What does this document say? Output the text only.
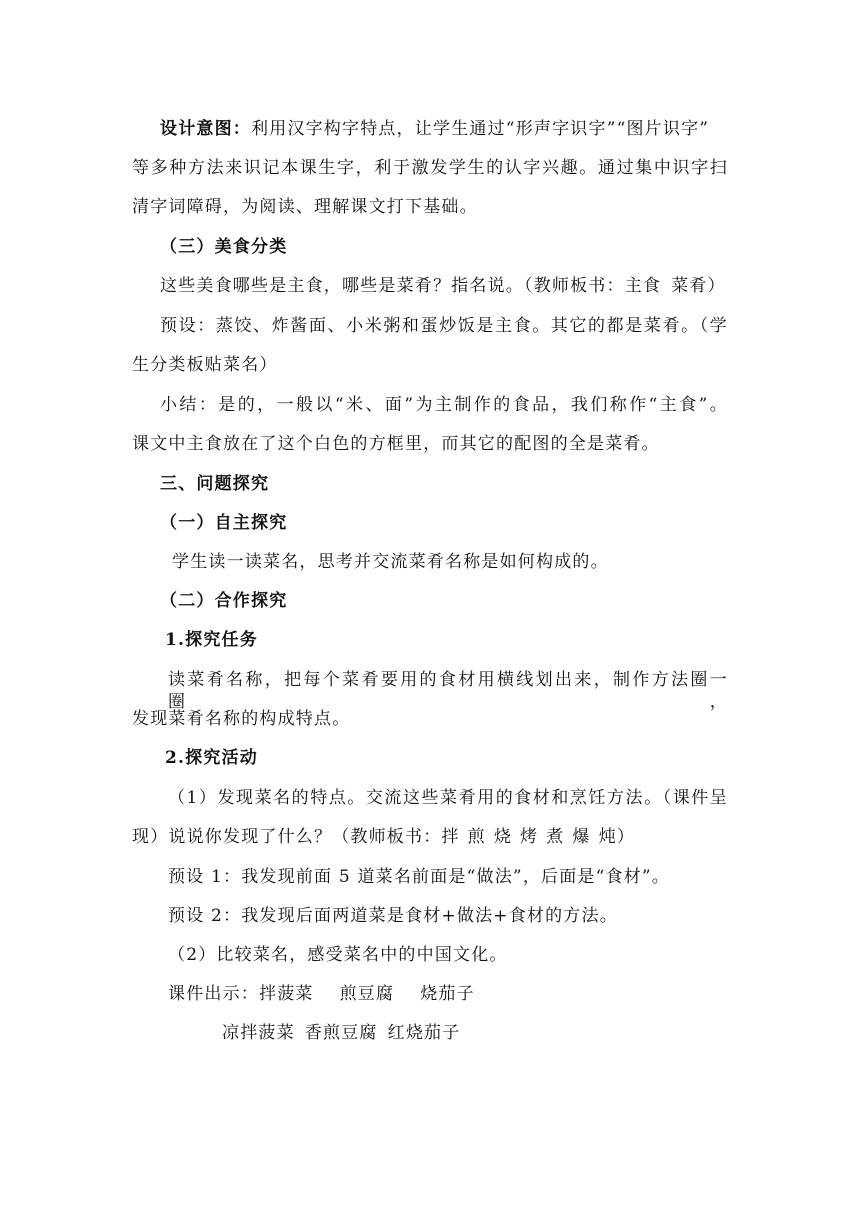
设计意图：利用汉字构字特点，让学生通过“形声字识字”“图片识字”
等多种方法来识记本课生字，利于激发学生的认字兴趣。通过集中识字扫
清字词障碍，为阅读、理解课文打下基础。
（三）美食分类
这些美食哪些是主食，哪些是菜肴？指名说。（教师板书：主食 菜肴）
预设：蒸饺、炸酱面、小米粥和蛋炒饭是主食。其它的都是菜肴。（学
生分类板贴菜名）
小结：是的，一般以“米、面”为主制作的食品，我们称作“主食”。
课文中主食放在了这个白色的方框里，而其它的配图的全是菜肴。
三、问题探究
（一）自主探究
学生读一读菜名，思考并交流菜肴名称是如何构成的。
（二）合作探究
1.探究任务
读菜肴名称，把每个菜肴要用的食材用横线划出来，制作方法圈一圈，
发现菜肴名称的构成特点。
2.探究活动
（1）发现菜名的特点。交流这些菜肴用的食材和烹饪方法。（课件呈
现）说说你发现了什么？（教师板书：拌 煎 烧 烤 煮 爆 炖）
预设 1：我发现前面 5 道菜名前面是“做法”，后面是“食材”。
预设 2：我发现后面两道菜是食材+做法+食材的方法。
（2）比较菜名，感受菜名中的中国文化。
课件出示：拌菠菜 煎豆腐 烧茄子
凉拌菠菜 香煎豆腐 红烧茄子
